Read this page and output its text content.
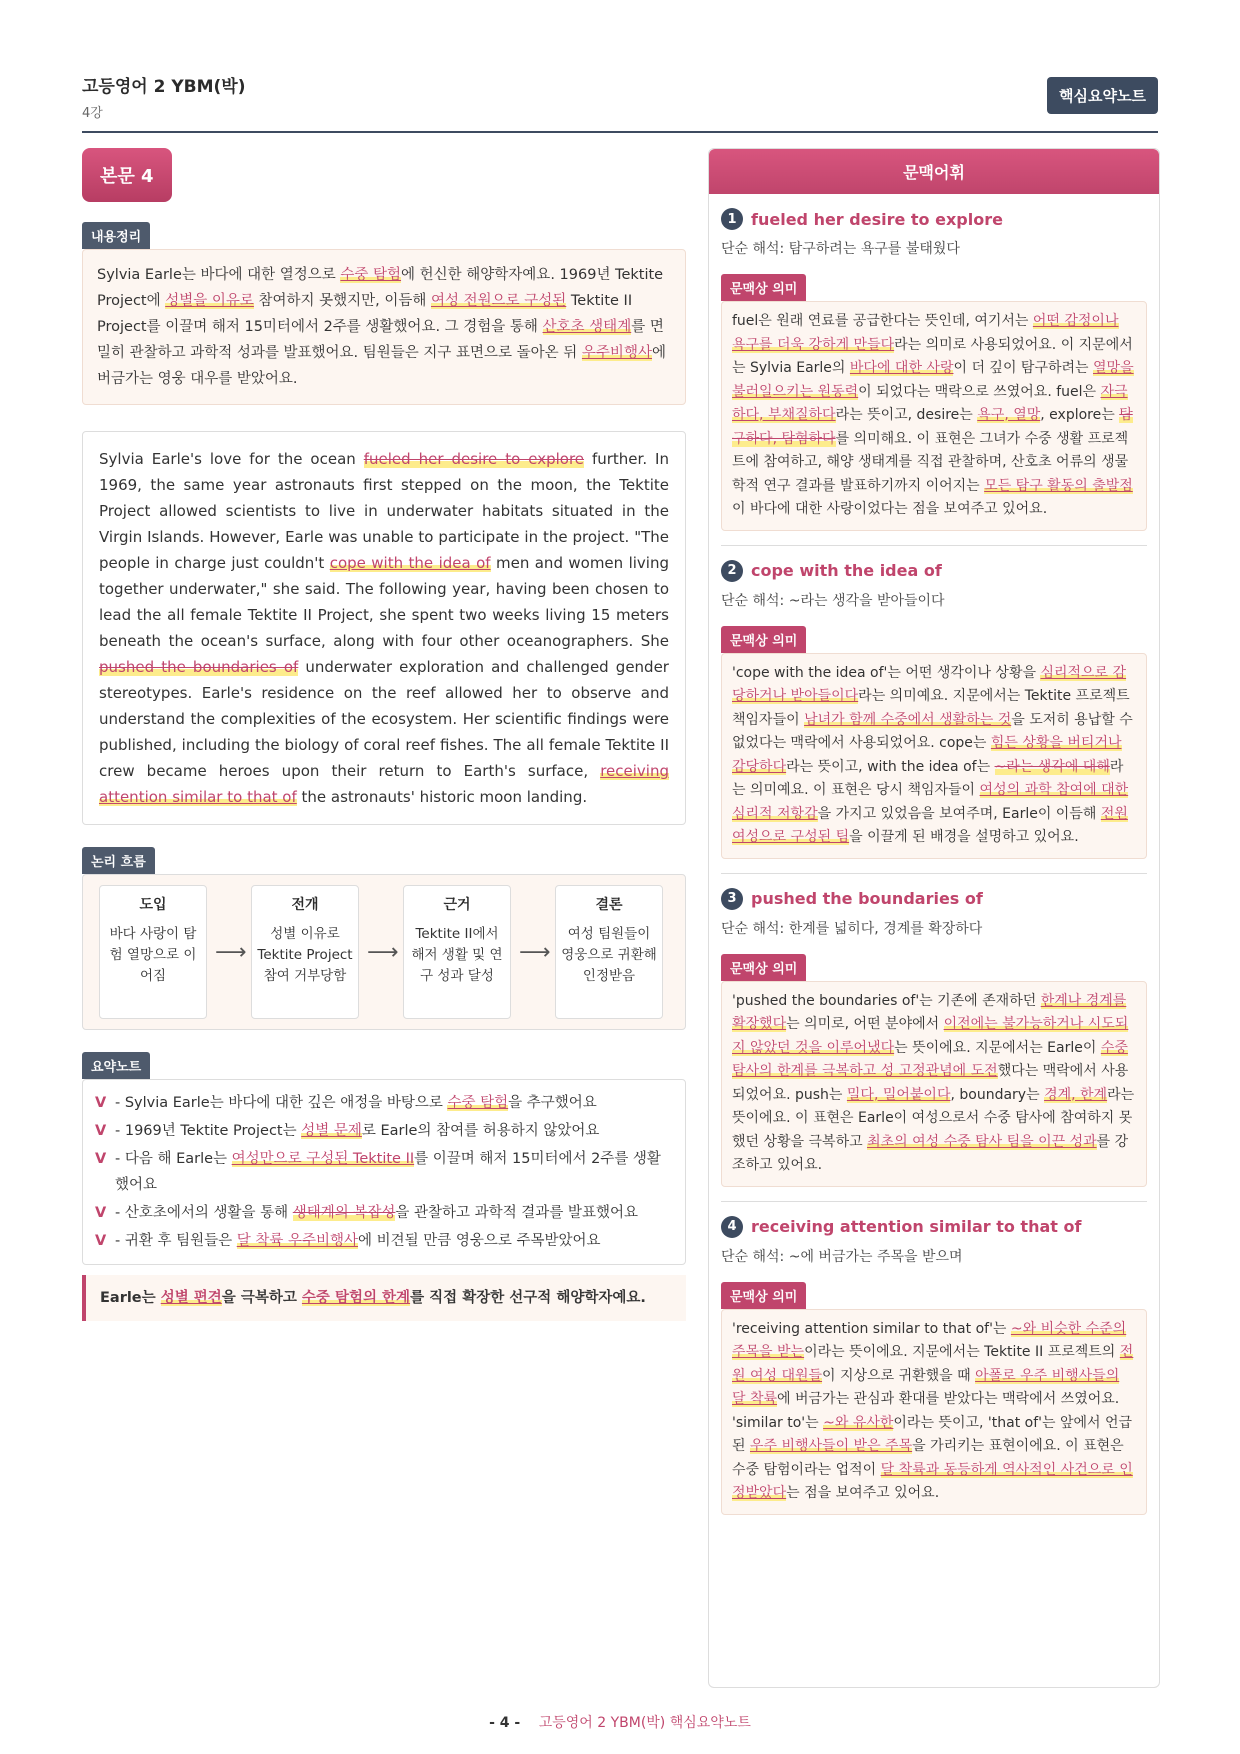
고등영어 2 YBM(박)
4강
핵심요약노트
본문 4
내용정리
Sylvia Earle는 바다에 대한 열정으로 수중 탐험에 헌신한 해양학자예요. 1969년 Tektite Project에 성별을 이유로 참여하지 못했지만, 이듬해 여성 전원으로 구성된 Tektite II Project를 이끌며 해저 15미터에서 2주를 생활했어요. 그 경험을 통해 산호초 생태계를 면밀히 관찰하고 과학적 성과를 발표했어요. 팀원들은 지구 표면으로 돌아온 뒤 우주비행사에 버금가는 영웅 대우를 받았어요.
Sylvia Earle's love for the ocean fueled her desire to explore further. In 1969, the same year astronauts first stepped on the moon, the Tektite Project allowed scientists to live in underwater habitats situated in the Virgin Islands. However, Earle was unable to participate in the project. "The people in charge just couldn't cope with the idea of men and women living together underwater," she said. The following year, having been chosen to lead the all female Tektite II Project, she spent two weeks living 15 meters beneath the ocean's surface, along with four other oceanographers. She pushed the boundaries of underwater exploration and challenged gender stereotypes. Earle's residence on the reef allowed her to observe and understand the complexities of the ecosystem. Her scientific findings were published, including the biology of coral reef fishes. The all female Tektite II crew became heroes upon their return to Earth's surface, receiving attention similar to that of the astronauts' historic moon landing.
논리 흐름
도입
바다 사랑이 탐험 열망으로 이어짐
⟶
전개
성별 이유로 Tektite Project 참여 거부당함
⟶
근거
Tektite II에서 해저 생활 및 연구 성과 달성
⟶
결론
여성 팀원들이 영웅으로 귀환해 인정받음
요약노트
V - Sylvia Earle는 바다에 대한 깊은 애정을 바탕으로 수중 탐험을 추구했어요
V - 1969년 Tektite Project는 성별 문제로 Earle의 참여를 허용하지 않았어요
V - 다음 해 Earle는 여성만으로 구성된 Tektite II를 이끌며 해저 15미터에서 2주를 생활했어요
V - 산호초에서의 생활을 통해 생태계의 복잡성을 관찰하고 과학적 결과를 발표했어요
V - 귀환 후 팀원들은 달 착륙 우주비행사에 비견될 만큼 영웅으로 주목받았어요
Earle는 성별 편견을 극복하고 수중 탐험의 한계를 직접 확장한 선구적 해양학자예요.
문맥어휘
1 fueled her desire to explore
단순 해석: 탐구하려는 욕구를 불태웠다
문맥상 의미
fuel은 원래 연료를 공급한다는 뜻인데, 여기서는 어떤 감정이나 욕구를 더욱 강하게 만들다라는 의미로 사용되었어요. 이 지문에서는 Sylvia Earle의 바다에 대한 사랑이 더 깊이 탐구하려는 열망을 불러일으키는 원동력이 되었다는 맥락으로 쓰였어요. fuel은 자극하다, 부채질하다라는 뜻이고, desire는 욕구, 열망, explore는 탐구하다, 탐험하다를 의미해요. 이 표현은 그녀가 수중 생활 프로젝트에 참여하고, 해양 생태계를 직접 관찰하며, 산호초 어류의 생물학적 연구 결과를 발표하기까지 이어지는 모든 탐구 활동의 출발점이 바다에 대한 사랑이었다는 점을 보여주고 있어요.
2 cope with the idea of
단순 해석: ~라는 생각을 받아들이다
문맥상 의미
'cope with the idea of'는 어떤 생각이나 상황을 심리적으로 감당하거나 받아들이다라는 의미예요. 지문에서는 Tektite 프로젝트 책임자들이 남녀가 함께 수중에서 생활하는 것을 도저히 용납할 수 없었다는 맥락에서 사용되었어요. cope는 힘든 상황을 버티거나 감당하다라는 뜻이고, with the idea of는 ~라는 생각에 대해라는 의미예요. 이 표현은 당시 책임자들이 여성의 과학 참여에 대한 심리적 저항감을 가지고 있었음을 보여주며, Earle이 이듬해 전원 여성으로 구성된 팀을 이끌게 된 배경을 설명하고 있어요.
3 pushed the boundaries of
단순 해석: 한계를 넓히다, 경계를 확장하다
문맥상 의미
'pushed the boundaries of'는 기존에 존재하던 한계나 경계를 확장했다는 의미로, 어떤 분야에서 이전에는 불가능하거나 시도되지 않았던 것을 이루어냈다는 뜻이에요. 지문에서는 Earle이 수중 탐사의 한계를 극복하고 성 고정관념에 도전했다는 맥락에서 사용되었어요. push는 밀다, 밀어붙이다, boundary는 경계, 한계라는 뜻이에요. 이 표현은 Earle이 여성으로서 수중 탐사에 참여하지 못했던 상황을 극복하고 최초의 여성 수중 탐사 팀을 이끈 성과를 강조하고 있어요.
4 receiving attention similar to that of
단순 해석: ~에 버금가는 주목을 받으며
문맥상 의미
'receiving attention similar to that of'는 ~와 비슷한 수준의 주목을 받는이라는 뜻이에요. 지문에서는 Tektite II 프로젝트의 전원 여성 대원들이 지상으로 귀환했을 때 아폴로 우주 비행사들의 달 착륙에 버금가는 관심과 환대를 받았다는 맥락에서 쓰였어요. 'similar to'는 ~와 유사한이라는 뜻이고, 'that of'는 앞에서 언급된 우주 비행사들이 받은 주목을 가리키는 표현이에요. 이 표현은 수중 탐험이라는 업적이 달 착륙과 동등하게 역사적인 사건으로 인정받았다는 점을 보여주고 있어요.
- 4 - 고등영어 2 YBM(박) 핵심요약노트
